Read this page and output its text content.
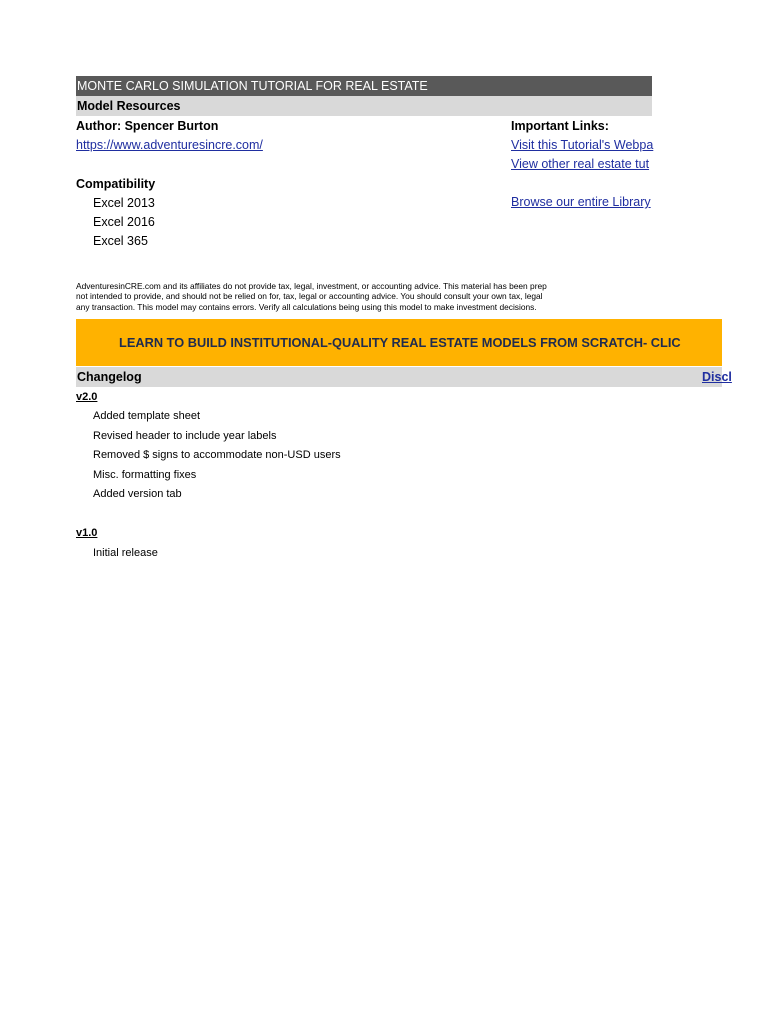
MONTE CARLO SIMULATION TUTORIAL FOR REAL ESTATE
Model Resources
Author: Spencer Burton
https://www.adventuresincre.com/
Important Links:
Visit this Tutorial's Webpa
View other real estate tut
Browse our entire Library
Compatibility
Excel 2013
Excel 2016
Excel 365
AdventuresinCRE.com and its affiliates do not provide tax, legal, investment, or accounting advice. This material has been prep
not intended to provide, and should not be relied on for, tax, legal or accounting advice. You should consult your own tax, legal
any transaction. This model may contains errors. Verify all calculations being using this model to make investment decisions.
LEARN TO BUILD INSTITUTIONAL-QUALITY REAL ESTATE MODELS FROM SCRATCH- CLIC
Changelog	Discl
v2.0
Added template sheet
Revised header to include year labels
Removed $ signs to accommodate non-USD users
Misc. formatting fixes
Added version tab
v1.0
Initial release
